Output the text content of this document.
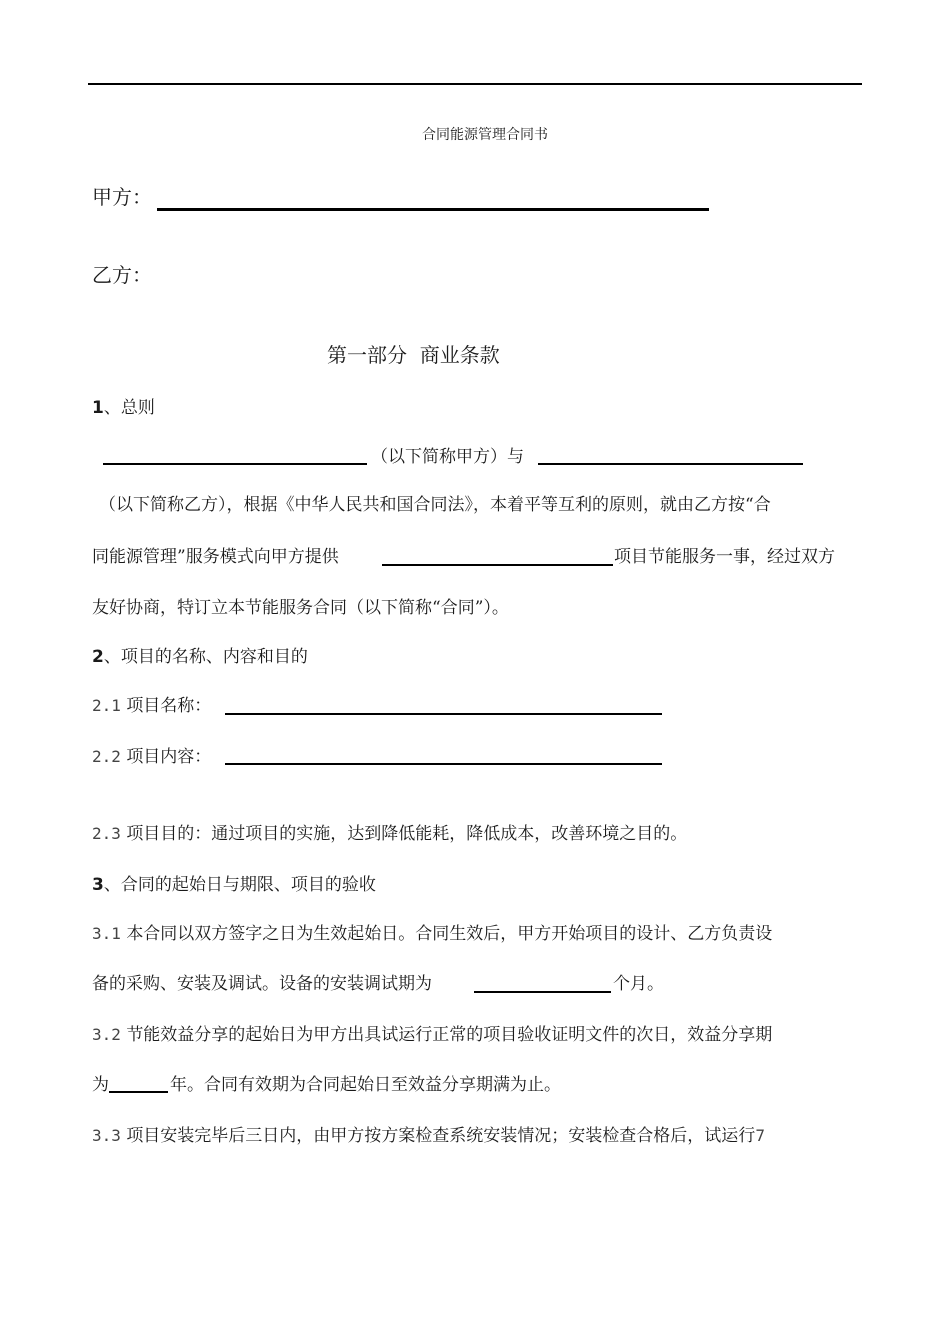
合同能源管理合同书
甲方：
乙方：
第一部分  商业条款
1、总则
（以下简称甲方）与
（以下简称乙方），根据《中华人民共和国合同法》，本着平等互利的原则，就由乙方按“合
同能源管理”服务模式向甲方提供	项目节能服务一事，经过双方
友好协商，特订立本节能服务合同（以下简称“合同”）。
2、项目的名称、内容和目的
2.1 项目名称：
2.2 项目内容：
2.3 项目目的：通过项目的实施，达到降低能耗，降低成本，改善环境之目的。
3、合同的起始日与期限、项目的验收
3.1 本合同以双方签字之日为生效起始日。合同生效后，甲方开始项目的设计、乙方负责设
备的采购、安装及调试。设备的安装调试期为	个月。
3.2 节能效益分享的起始日为甲方出具试运行正常的项目验收证明文件的次日，效益分享期
为	年。合同有效期为合同起始日至效益分享期满为止。
3.3 项目安装完毕后三日内，由甲方按方案检查系统安装情况；安装检查合格后，试运行7
